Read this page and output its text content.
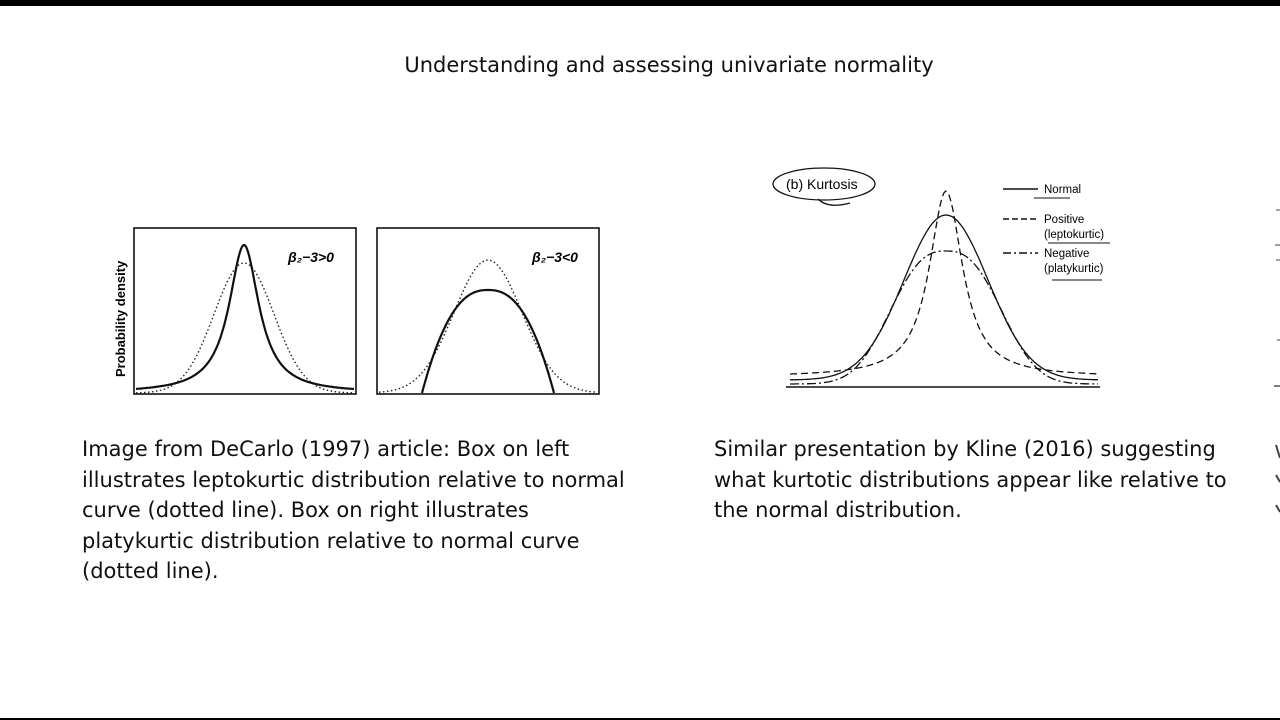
Understanding and assessing univariate normality
Probability density
β₂−3>0	β₂−3<0
(b) Kurtosis	Normal
Positive
(leptokurtic)
Negative
(platykurtic)
Image from DeCarlo (1997) article: Box on left illustrates leptokurtic distribution relative to normal curve (dotted line). Box on right illustrates platykurtic distribution relative to normal curve (dotted line).
Similar presentation by Kline (2016) suggesting what kurtotic distributions appear like relative to the normal distribution.
